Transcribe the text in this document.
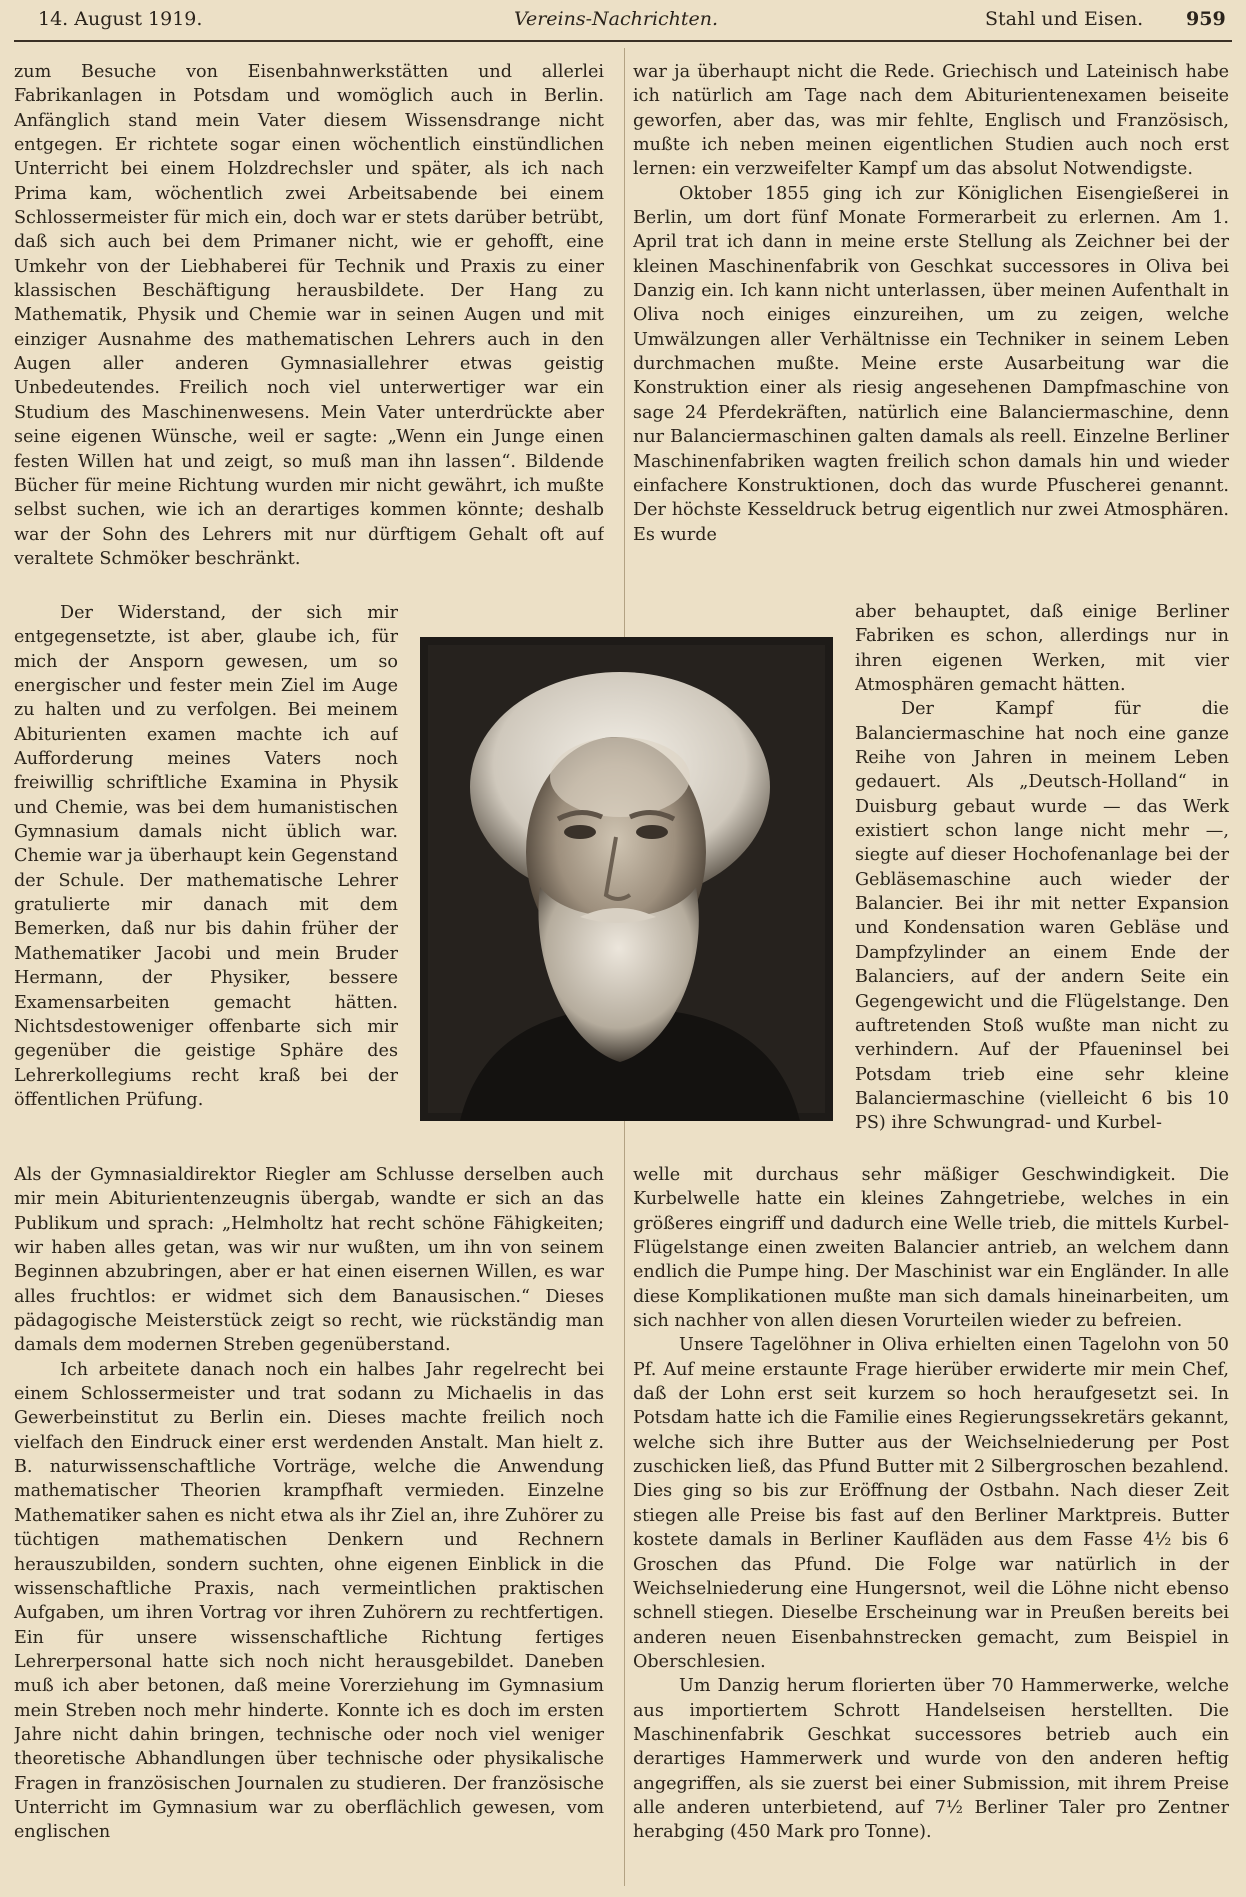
14. August 1919.	Vereins-Nachrichten.	Stahl und Eisen. 959

zum Besuche von Eisenbahnwerkstätten und allerlei Fabrikanlagen in Potsdam und womöglich auch in Berlin. Anfänglich stand mein Vater diesem Wissensdrange nicht entgegen. Er richtete sogar einen wöchentlich einstündlichen Unterricht bei einem Holzdrechsler und später, als ich nach Prima kam, wöchentlich zwei Arbeitsabende bei einem Schlossermeister für mich ein, doch war er stets darüber betrübt, daß sich auch bei dem Primaner nicht, wie er gehofft, eine Umkehr von der Liebhaberei für Technik und Praxis zu einer klassischen Beschäftigung herausbildete. Der Hang zu Mathematik, Physik und Chemie war in seinen Augen und mit einziger Ausnahme des mathematischen Lehrers auch in den Augen aller anderen Gymnasiallehrer etwas geistig Unbedeutendes. Freilich noch viel unterwertiger war ein Studium des Maschinenwesens. Mein Vater unterdrückte aber seine eigenen Wünsche, weil er sagte: „Wenn ein Junge einen festen Willen hat und zeigt, so muß man ihn lassen“. Bildende Bücher für meine Richtung wurden mir nicht gewährt, ich mußte selbst suchen, wie ich an derartiges kommen könnte; deshalb war der Sohn des Lehrers mit nur dürftigem Gehalt oft auf veraltete Schmöker beschränkt.

Der Widerstand, der sich mir entgegensetzte, ist aber, glaube ich, für mich der Ansporn gewesen, um so energischer und fester mein Ziel im Auge zu halten und zu verfolgen. Bei meinem Abiturienten examen machte ich auf Aufforderung meines Vaters noch freiwillig schriftliche Examina in Physik und Chemie, was bei dem humanistischen Gymnasium damals nicht üblich war. Chemie war ja überhaupt kein Gegenstand der Schule. Der mathematische Lehrer gratulierte mir danach mit dem Bemerken, daß nur bis dahin früher der Mathematiker Jacobi und mein Bruder Hermann, der Physiker, bessere Examensarbeiten gemacht hätten. Nichtsdestoweniger offenbarte sich mir gegenüber die geistige Sphäre des Lehrerkollegiums recht kraß bei der öffentlichen Prüfung.

Als der Gymnasialdirektor Riegler am Schlusse derselben auch mir mein Abiturientenzeugnis übergab, wandte er sich an das Publikum und sprach: „Helmholtz hat recht schöne Fähigkeiten; wir haben alles getan, was wir nur wußten, um ihn von seinem Beginnen abzubringen, aber er hat einen eisernen Willen, es war alles fruchtlos: er widmet sich dem Banausischen.“ Dieses pädagogische Meisterstück zeigt so recht, wie rückständig man damals dem modernen Streben gegenüberstand.

Ich arbeitete danach noch ein halbes Jahr regelrecht bei einem Schlossermeister und trat sodann zu Michaelis in das Gewerbeinstitut zu Berlin ein. Dieses machte freilich noch vielfach den Eindruck einer erst werdenden Anstalt. Man hielt z. B. naturwissenschaftliche Vorträge, welche die Anwendung mathematischer Theorien krampfhaft vermieden. Einzelne Mathematiker sahen es nicht etwa als ihr Ziel an, ihre Zuhörer zu tüchtigen mathematischen Denkern und Rechnern herauszubilden, sondern suchten, ohne eigenen Einblick in die wissenschaftliche Praxis, nach vermeintlichen praktischen Aufgaben, um ihren Vortrag vor ihren Zuhörern zu rechtfertigen. Ein für unsere wissenschaftliche Richtung fertiges Lehrerpersonal hatte sich noch nicht herausgebildet. Daneben muß ich aber betonen, daß meine Vorerziehung im Gymnasium mein Streben noch mehr hinderte. Konnte ich es doch im ersten Jahre nicht dahin bringen, technische oder noch viel weniger theoretische Abhandlungen über technische oder physikalische Fragen in französischen Journalen zu studieren. Der französische Unterricht im Gymnasium war zu oberflächlich gewesen, vom englischen

war ja überhaupt nicht die Rede. Griechisch und Lateinisch habe ich natürlich am Tage nach dem Abiturientenexamen beiseite geworfen, aber das, was mir fehlte, Englisch und Französisch, mußte ich neben meinen eigentlichen Studien auch noch erst lernen: ein verzweifelter Kampf um das absolut Notwendigste.

Oktober 1855 ging ich zur Königlichen Eisengießerei in Berlin, um dort fünf Monate Formerarbeit zu erlernen. Am 1. April trat ich dann in meine erste Stellung als Zeichner bei der kleinen Maschinenfabrik von Geschkat successores in Oliva bei Danzig ein. Ich kann nicht unterlassen, über meinen Aufenthalt in Oliva noch einiges einzureihen, um zu zeigen, welche Umwälzungen aller Verhältnisse ein Techniker in seinem Leben durchmachen mußte. Meine erste Ausarbeitung war die Konstruktion einer als riesig angesehenen Dampfmaschine von sage 24 Pferdekräften, natürlich eine Balanciermaschine, denn nur Balanciermaschinen galten damals als reell. Einzelne Berliner Maschinenfabriken wagten freilich schon damals hin und wieder einfachere Konstruktionen, doch das wurde Pfuscherei genannt. Der höchste Kesseldruck betrug eigentlich nur zwei Atmosphären. Es wurde

aber behauptet, daß einige Berliner Fabriken es schon, allerdings nur in ihren eigenen Werken, mit vier Atmosphären gemacht hätten.

Der Kampf für die Balanciermaschine hat noch eine ganze Reihe von Jahren in meinem Leben gedauert. Als „Deutsch-Holland“ in Duisburg gebaut wurde — das Werk existiert schon lange nicht mehr —, siegte auf dieser Hochofenanlage bei der Gebläsemaschine auch wieder der Balancier. Bei ihr mit netter Expansion und Kondensation waren Gebläse und Dampfzylinder an einem Ende der Balanciers, auf der andern Seite ein Gegengewicht und die Flügelstange. Den auftretenden Stoß wußte man nicht zu verhindern. Auf der Pfaueninsel bei Potsdam trieb eine sehr kleine Balanciermaschine (vielleicht 6 bis 10 PS) ihre Schwungrad- und Kurbel-

welle mit durchaus sehr mäßiger Geschwindigkeit. Die Kurbelwelle hatte ein kleines Zahngetriebe, welches in ein größeres eingriff und dadurch eine Welle trieb, die mittels Kurbel-Flügelstange einen zweiten Balancier antrieb, an welchem dann endlich die Pumpe hing. Der Maschinist war ein Engländer. In alle diese Komplikationen mußte man sich damals hineinarbeiten, um sich nachher von allen diesen Vorurteilen wieder zu befreien.

Unsere Tagelöhner in Oliva erhielten einen Tagelohn von 50 Pf. Auf meine erstaunte Frage hierüber erwiderte mir mein Chef, daß der Lohn erst seit kurzem so hoch heraufgesetzt sei. In Potsdam hatte ich die Familie eines Regierungssekretärs gekannt, welche sich ihre Butter aus der Weichselniederung per Post zuschicken ließ, das Pfund Butter mit 2 Silbergroschen bezahlend. Dies ging so bis zur Eröffnung der Ostbahn. Nach dieser Zeit stiegen alle Preise bis fast auf den Berliner Marktpreis. Butter kostete damals in Berliner Kaufläden aus dem Fasse 4½ bis 6 Groschen das Pfund. Die Folge war natürlich in der Weichselniederung eine Hungersnot, weil die Löhne nicht ebenso schnell stiegen. Dieselbe Erscheinung war in Preußen bereits bei anderen neuen Eisenbahnstrecken gemacht, zum Beispiel in Oberschlesien.

Um Danzig herum florierten über 70 Hammerwerke, welche aus importiertem Schrott Handelseisen herstellten. Die Maschinenfabrik Geschkat successores betrieb auch ein derartiges Hammerwerk und wurde von den anderen heftig angegriffen, als sie zuerst bei einer Submission, mit ihrem Preise alle anderen unterbietend, auf 7½ Berliner Taler pro Zentner herabging (450 Mark pro Tonne).
